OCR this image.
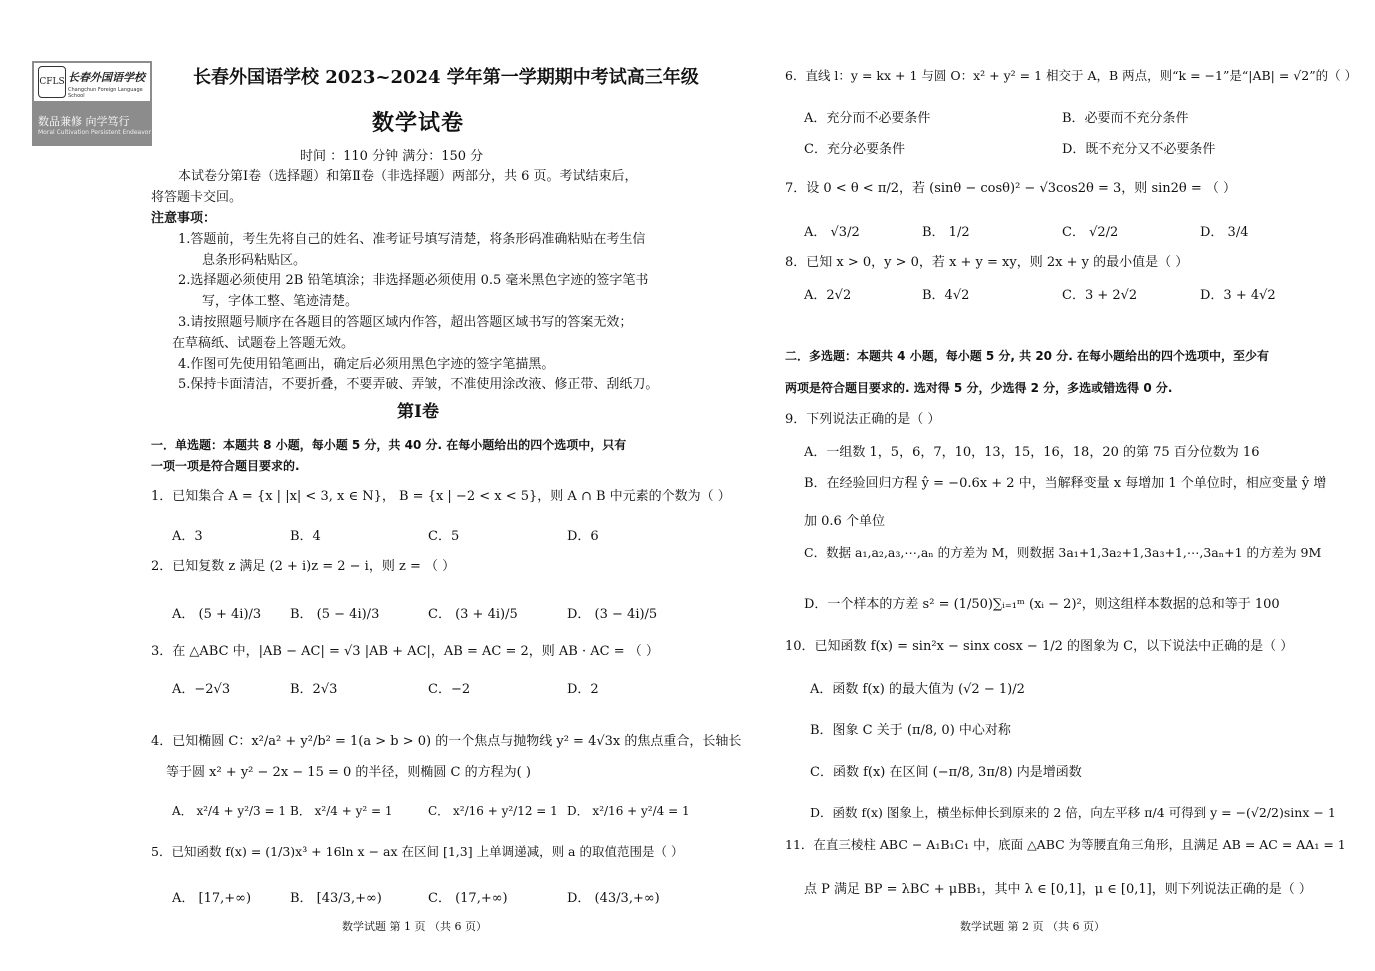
CFLS 长春外国语学校
Changchun Foreign Language School
数品兼修 向学笃行
Moral Cultivation Persistent Endeavor
长春外国语学校 2023~2024 学年第一学期期中考试高三年级
数学试卷
时间 ：110 分钟 满分：150 分
本试卷分第Ⅰ卷（选择题）和第Ⅱ卷（非选择题）两部分，共 6 页。考试结束后，
将答题卡交回。
注意事项：
1.答题前，考生先将自己的姓名、准考证号填写清楚，将条形码准确粘贴在考生信
息条形码粘贴区。
2.选择题必须使用 2B 铅笔填涂；非选择题必须使用 0.5 毫米黑色字迹的签字笔书
写，字体工整、笔迹清楚。
3.请按照题号顺序在各题目的答题区域内作答，超出答题区域书写的答案无效；
在草稿纸、试题卷上答题无效。
4.作图可先使用铅笔画出，确定后必须用黑色字迹的签字笔描黑。
5.保持卡面清洁，不要折叠，不要弄破、弄皱，不准使用涂改液、修正带、刮纸刀。
第Ⅰ卷
一．单选题：本题共 8 小题，每小题 5 分，共 40 分. 在每小题给出的四个选项中，只有
一项一项是符合题目要求的.
1．已知集合 A = {x | |x| < 3, x ∈ N}， B = {x | −2 < x < 5}，则 A ∩ B 中元素的个数为（ ）
A．3	B．4	C．5	D．6
2．已知复数 z 满足 (2 + i)z = 2 − i，则 z = （ ）
A． (5 + 4i)/3 B． (5 − 4i)/3	C． (3 + 4i)/5	D． (3 − 4i)/5
3．在 △ABC 中，|AB − AC| = √3 |AB + AC|，AB = AC = 2，则 AB · AC = （ ）
A．−2√3	B．2√3	C．−2	D．2
4．已知椭圆 C：x²/a² + y²/b² = 1(a > b > 0) 的一个焦点与抛物线 y² = 4√3x 的焦点重合，长轴长
等于圆 x² + y² − 2x − 15 = 0 的半径，则椭圆 C 的方程为( )
A． x²/4 + y²/3 = 1 B． x²/4 + y² = 1	C． x²/16 + y²/12 = 1 D． x²/16 + y²/4 = 1
5．已知函数 f(x) = (1/3)x³ + 16ln x − ax 在区间 [1,3] 上单调递减，则 a 的取值范围是（ ）
A． [17,+∞)	B． [43/3,+∞)	C． (17,+∞)	D． (43/3,+∞)
数学试题 第 1 页 （共 6 页）
6．直线 l：y = kx + 1 与圆 O：x² + y² = 1 相交于 A，B 两点，则“k = −1”是“|AB| = √2”的（ ）
A．充分而不必要条件	B．必要而不充分条件
C．充分必要条件	D．既不充分又不必要条件
7．设 0 < θ < π/2，若 (sinθ − cosθ)² − √3cos2θ = 3，则 sin2θ = （ ）
A． √3/2	B． 1/2	C． √2/2	D． 3/4
8．已知 x > 0，y > 0，若 x + y = xy，则 2x + y 的最小值是（ ）
A．2√2	B．4√2	C．3 + 2√2	D．3 + 4√2
二．多选题：本题共 4 小题，每小题 5 分, 共 20 分. 在每小题给出的四个选项中，至少有
两项是符合题目要求的. 选对得 5 分，少选得 2 分，多选或错选得 0 分.
9．下列说法正确的是（ ）
A．一组数 1，5，6，7，10，13，15，16，18，20 的第 75 百分位数为 16
B．在经验回归方程 ŷ = −0.6x + 2 中，当解释变量 x 每增加 1 个单位时，相应变量 ŷ 增
加 0.6 个单位
C．数据 a₁,a₂,a₃,⋯,aₙ 的方差为 M，则数据 3a₁+1,3a₂+1,3a₃+1,⋯,3aₙ+1 的方差为 9M
D．一个样本的方差 s² = (1/50)∑ᵢ₌₁ᵐ (xᵢ − 2)²，则这组样本数据的总和等于 100
10．已知函数 f(x) = sin²x − sinx cosx − 1/2 的图象为 C，以下说法中正确的是（ ）
A．函数 f(x) 的最大值为 (√2 − 1)/2
B．图象 C 关于 (π/8, 0) 中心对称
C．函数 f(x) 在区间 (−π/8, 3π/8) 内是增函数
D．函数 f(x) 图象上，横坐标伸长到原来的 2 倍，向左平移 π/4 可得到 y = −(√2/2)sinx − 1
11．在直三棱柱 ABC − A₁B₁C₁ 中，底面 △ABC 为等腰直角三角形，且满足 AB = AC = AA₁ = 1
点 P 满足 BP = λBC + μBB₁，其中 λ ∈ [0,1]，μ ∈ [0,1]，则下列说法正确的是（ ）
数学试题 第 2 页 （共 6 页）
